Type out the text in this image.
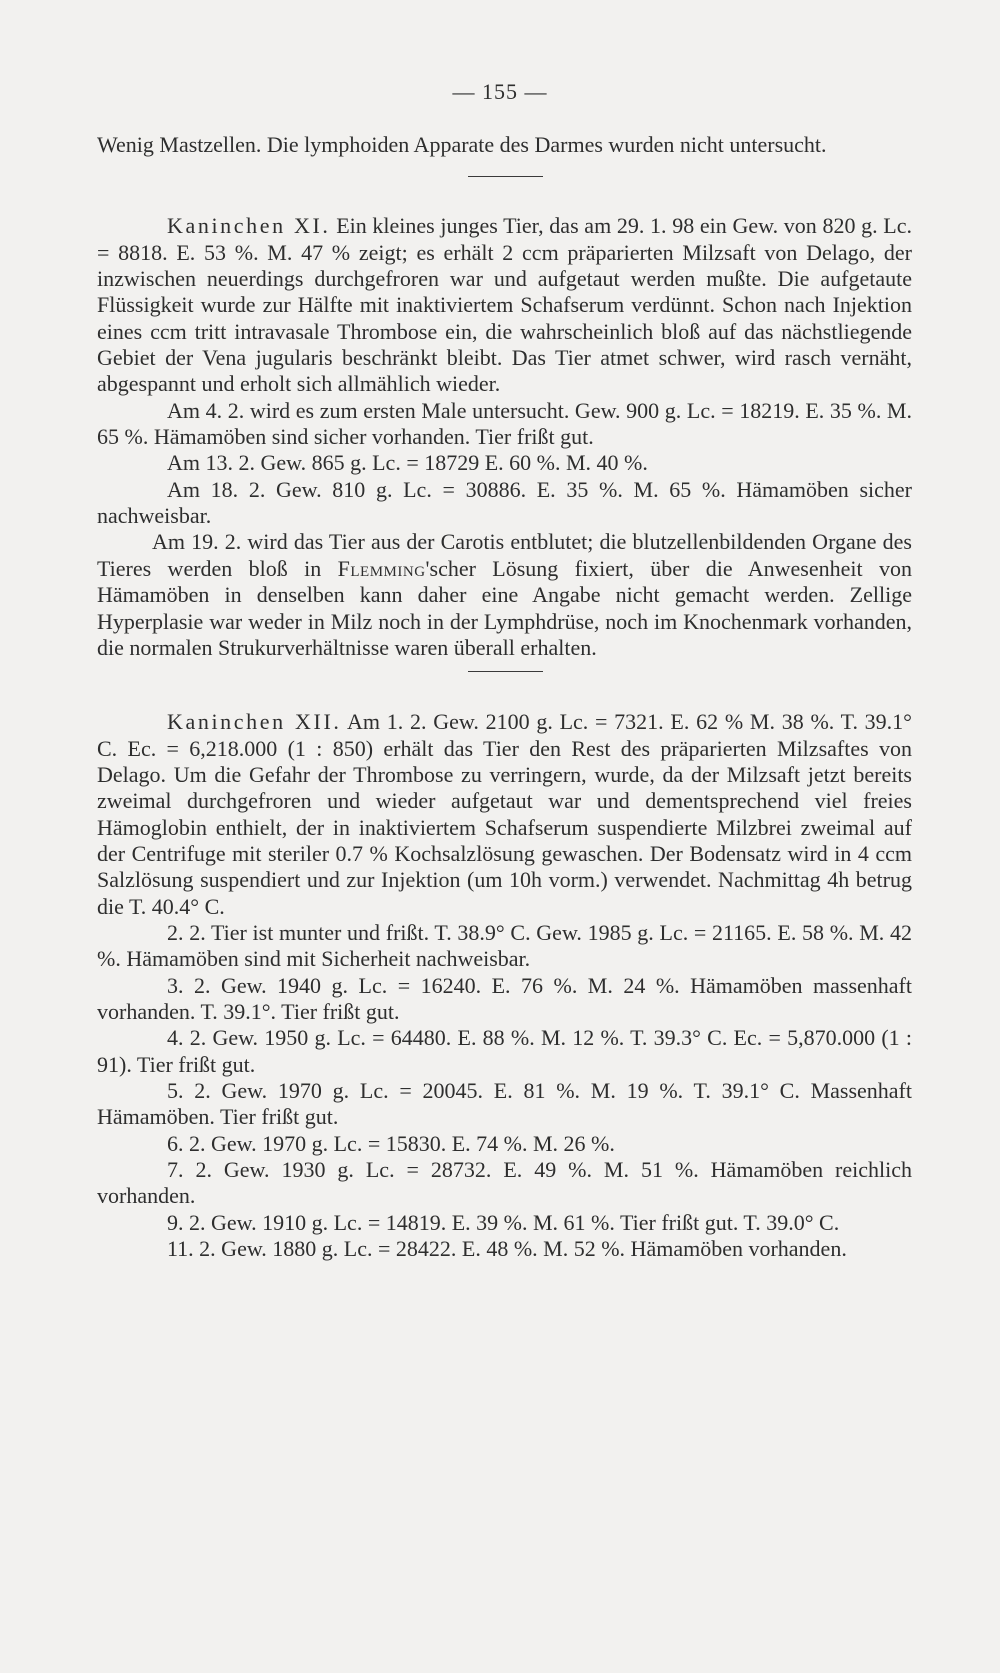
— 155 —

Wenig Mastzellen. Die lymphoiden Apparate des Darmes wurden nicht untersucht.

Kaninchen XI. Ein kleines junges Tier, das am 29. 1. 98 ein Gew. von 820 g. Lc. = 8818. E. 53 %. M. 47 % zeigt; es erhält 2 ccm präparierten Milzsaft von Delago, der inzwischen neuerdings durchgefroren war und aufgetaut werden mußte. Die aufgetaute Flüssigkeit wurde zur Hälfte mit inaktiviertem Schafserum verdünnt. Schon nach Injektion eines ccm tritt intravasale Thrombose ein, die wahrscheinlich bloß auf das nächstliegende Gebiet der Vena jugularis beschränkt bleibt. Das Tier atmet schwer, wird rasch vernäht, abgespannt und erholt sich allmählich wieder.

Am 4. 2. wird es zum ersten Male untersucht. Gew. 900 g. Lc. = 18219. E. 35 %. M. 65 %. Hämamöben sind sicher vorhanden. Tier frißt gut.

Am 13. 2. Gew. 865 g. Lc. = 18729 E. 60 %. M. 40 %.

Am 18. 2. Gew. 810 g. Lc. = 30886. E. 35 %. M. 65 %. Hämamöben sicher nachweisbar.

Am 19. 2. wird das Tier aus der Carotis entblutet; die blutzellenbildenden Organe des Tieres werden bloß in Flemming'scher Lösung fixiert, über die Anwesenheit von Hämamöben in denselben kann daher eine Angabe nicht gemacht werden. Zellige Hyperplasie war weder in Milz noch in der Lymphdrüse, noch im Knochenmark vorhanden, die normalen Strukurverhältnisse waren überall erhalten.

Kaninchen XII. Am 1. 2. Gew. 2100 g. Lc. = 7321. E. 62 % M. 38 %. T. 39.1° C. Ec. = 6,218.000 (1 : 850) erhält das Tier den Rest des präparierten Milzsaftes von Delago. Um die Gefahr der Thrombose zu verringern, wurde, da der Milzsaft jetzt bereits zweimal durchgefroren und wieder aufgetaut war und dementsprechend viel freies Hämoglobin enthielt, der in inaktiviertem Schafserum suspendierte Milzbrei zweimal auf der Centrifuge mit steriler 0.7 % Kochsalzlösung gewaschen. Der Bodensatz wird in 4 ccm Salzlösung suspendiert und zur Injektion (um 10h vorm.) verwendet. Nachmittag 4h betrug die T. 40.4° C.

2. 2. Tier ist munter und frißt. T. 38.9° C. Gew. 1985 g. Lc. = 21165. E. 58 %. M. 42 %. Hämamöben sind mit Sicherheit nachweisbar.

3. 2. Gew. 1940 g. Lc. = 16240. E. 76 %. M. 24 %. Hämamöben massenhaft vorhanden. T. 39.1°. Tier frißt gut.

4. 2. Gew. 1950 g. Lc. = 64480. E. 88 %. M. 12 %. T. 39.3° C. Ec. = 5,870.000 (1 : 91). Tier frißt gut.

5. 2. Gew. 1970 g. Lc. = 20045. E. 81 %. M. 19 %. T. 39.1° C. Massenhaft Hämamöben. Tier frißt gut.

6. 2. Gew. 1970 g. Lc. = 15830. E. 74 %. M. 26 %.

7. 2. Gew. 1930 g. Lc. = 28732. E. 49 %. M. 51 %. Hämamöben reichlich vorhanden.

9. 2. Gew. 1910 g. Lc. = 14819. E. 39 %. M. 61 %. Tier frißt gut. T. 39.0° C.

11. 2. Gew. 1880 g. Lc. = 28422. E. 48 %. M. 52 %. Hämamöben vorhanden.
